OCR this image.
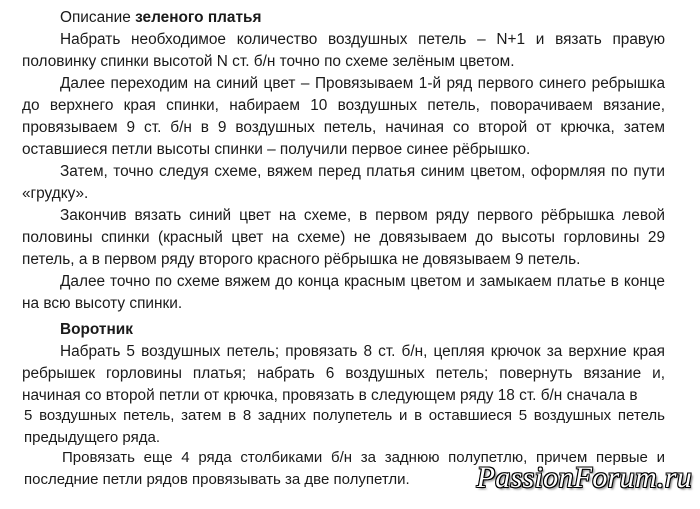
Описание зеленого платья

Набрать необходимое количество воздушных петель – N+1 и вязать правую половинку спинки высотой N ст. б/н точно по схеме зелёным цветом.

Далее переходим на синий цвет – Провязываем 1-й ряд первого синего ребрышка до верхнего края спинки, набираем 10 воздушных петель, поворачиваем вязание, провязываем 9 ст. б/н в 9 воздушных петель, начиная со второй от крючка, затем оставшиеся петли высоты спинки – получили первое синее рёбрышко.

Затем, точно следуя схеме, вяжем перед платья синим цветом, оформляя по пути «грудку».

Закончив вязать синий цвет на схеме, в первом ряду первого рёбрышка левой половины спинки (красный цвет на схеме) не довязываем до высоты горловины 29 петель, а в первом ряду второго красного рёбрышка не довязываем 9 петель.

Далее точно по схеме вяжем до конца красным цветом и замыкаем платье в конце на всю высоту спинки.

Воротник

Набрать 5 воздушных петель; провязать 8 ст. б/н, цепляя крючок за верхние края ребрышек горловины платья; набрать 6 воздушных петель; повернуть вязание и, начиная со второй петли от крючка, провязать в следующем ряду 18 ст. б/н сначала в

5 воздушных петель, затем в 8 задних полупетель и в оставшиеся 5 воздушных петель предыдущего ряда.

Провязать еще 4 ряда столбиками б/н за заднюю полупетлю, причем первые и последние петли рядов провязывать за две полупетли.	PassionForum.ru
